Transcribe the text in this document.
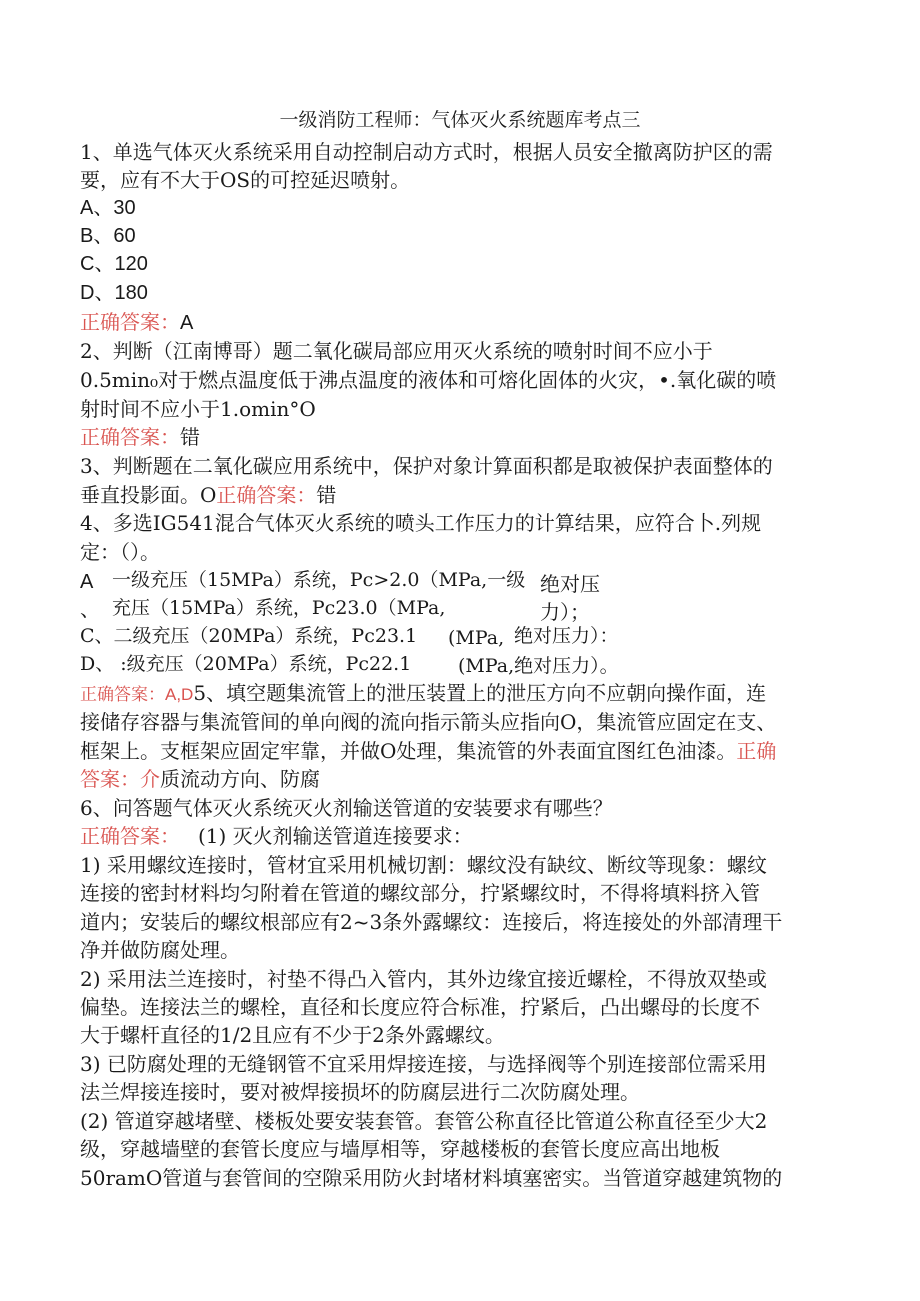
一级消防工程师：气体灭火系统题库考点三
1、单选气体灭火系统采用自动控制启动方式时，根据人员安全撤离防护区的需
要，应有不大于OS的可控延迟喷射。
A、30
B、60
C、120
D、180
正确答案：A
2、判断（江南博哥）题二氧化碳局部应用灭火系统的喷射时间不应小于
0.5min₀对于燃点温度低于沸点温度的液体和可熔化固体的火灾，•.氧化碳的喷
射时间不应小于1.omin°O
正确答案：错
3、判断题在二氧化碳应用系统中，保护对象计算面积都是取被保护表面整体的
垂直投影面。O正确答案：错
4、多选IG541混合气体灭火系统的喷头工作压力的计算结果，应符合卜.列规
定：（）。
A 一级充压（15MPa）系统，Pc>2.0（MPa,一级 绝对压
、 充压（15MPa）系统，Pc23.0（MPa,	力）；
C、二级充压（20MPa）系统，Pc23.1 (MPa, 绝对压力）：
D、 :级充压（20MPa）系统，Pc22.1 (MPa,绝对压力）。
正确答案：A,D5、填空题集流管上的泄压装置上的泄压方向不应朝向操作面，连
接储存容器与集流管间的单向阀的流向指示箭头应指向O，集流管应固定在支、
框架上。支框架应固定牢靠，并做O处理，集流管的外表面宜图红色油漆。正确
答案：介质流动方向、防腐
6、问答题气体灭火系统灭火剂输送管道的安装要求有哪些？
正确答案： (1) 灭火剂输送管道连接要求：
1) 采用螺纹连接时，管材宜采用机械切割：螺纹没有缺纹、断纹等现象：螺纹
连接的密封材料均匀附着在管道的螺纹部分，拧紧螺纹时，不得将填料挤入管
道内；安装后的螺纹根部应有2~3条外露螺纹：连接后，将连接处的外部清理干
净并做防腐处理。
2) 采用法兰连接时，衬垫不得凸入管内，其外边缘宜接近螺栓，不得放双垫或
偏垫。连接法兰的螺栓，直径和长度应符合标准，拧紧后，凸出螺母的长度不
大于螺杆直径的1/2且应有不少于2条外露螺纹。
3) 已防腐处理的无缝钢管不宜采用焊接连接，与选择阀等个别连接部位需采用
法兰焊接连接时，要对被焊接损坏的防腐层进行二次防腐处理。
(2) 管道穿越堵壁、楼板处要安装套管。套管公称直径比管道公称直径至少大2
级，穿越墙壁的套管长度应与墙厚相等，穿越楼板的套管长度应高出地板
50ramO管道与套管间的空隙采用防火封堵材料填塞密实。当管道穿越建筑物的
